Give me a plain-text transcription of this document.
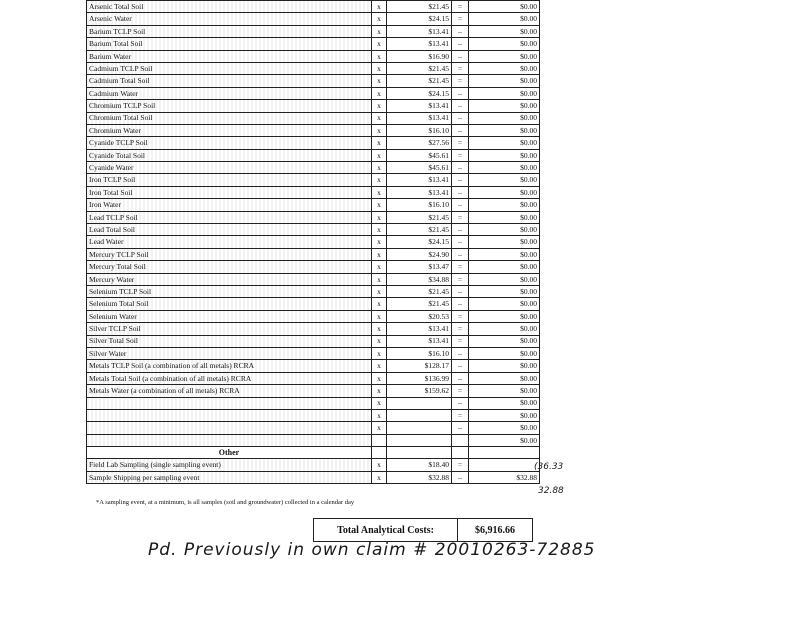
Arsenic Total Soil	x	$21.45	=	$0.00
Arsenic Water	x	$24.15	=	$0.00
Barium TCLP Soil	x	$13.41	–	$0.00
Barium Total Soil	x	$13.41	–	$0.00
Barium Water	x	$16.90	–	$0.00
Cadmium TCLP Soil	x	$21.45	=	$0.00
Cadmium Total Soil	x	$21.45	=	$0.00
Cadmium Water	x	$24.15	–	$0.00
Chromium TCLP Soil	x	$13.41	–	$0.00
Chromium Total Soil	x	$13.41	–	$0.00
Chromium Water	x	$16.10	–	$0.00
Cyanide TCLP Soil	x	$27.56	=	$0.00
Cyanide Total Soil	x	$45.61	=	$0.00
Cyanide Water	x	$45.61	–	$0.00
Iron TCLP Soil	x	$13.41	–	$0.00
Iron Total Soil	x	$13.41	–	$0.00
Iron Water	x	$16.10	–	$0.00
Lead TCLP Soil	x	$21.45	=	$0.00
Lead Total Soil	x	$21.45	–	$0.00
Lead Water	x	$24.15	–	$0.00
Mercury TCLP Soil	x	$24.90	–	$0.00
Mercury Total Soil	x	$13.47	=	$0.00
Mercury Water	x	$34.88	=	$0.00
Selenium TCLP Soil	x	$21.45	–	$0.00
Selenium Total Soil	x	$21.45	–	$0.00
Selenium Water	x	$20.53	=	$0.00
Silver TCLP Soil	x	$13.41	=	$0.00
Silver Total Soil	x	$13.41	=	$0.00
Silver Water	x	$16.10	–	$0.00
Metals TCLP Soil (a combination of all metals) RCRA	x	$128.17	–	$0.00
Metals Total Soil (a combination of all metals) RCRA	x	$136.99	–	$0.00
Metals Water (a combination of all metals) RCRA	x	$159.62	=	$0.00
	x		–	$0.00
	x		=	$0.00
	x		–	$0.00
				$0.00
Other				
Field Lab Sampling (single sampling event)	x	$18.40	=	
Sample Shipping per sampling event	x	$32.88	–	$32.88
*A sampling event, at a minimum, is all samples (soil and groundwater) collected in a calendar day
Total Analytical Costs:	$6,916.66
Pd. Previously in own claim # 20010263-72885
(36.33
32.88
